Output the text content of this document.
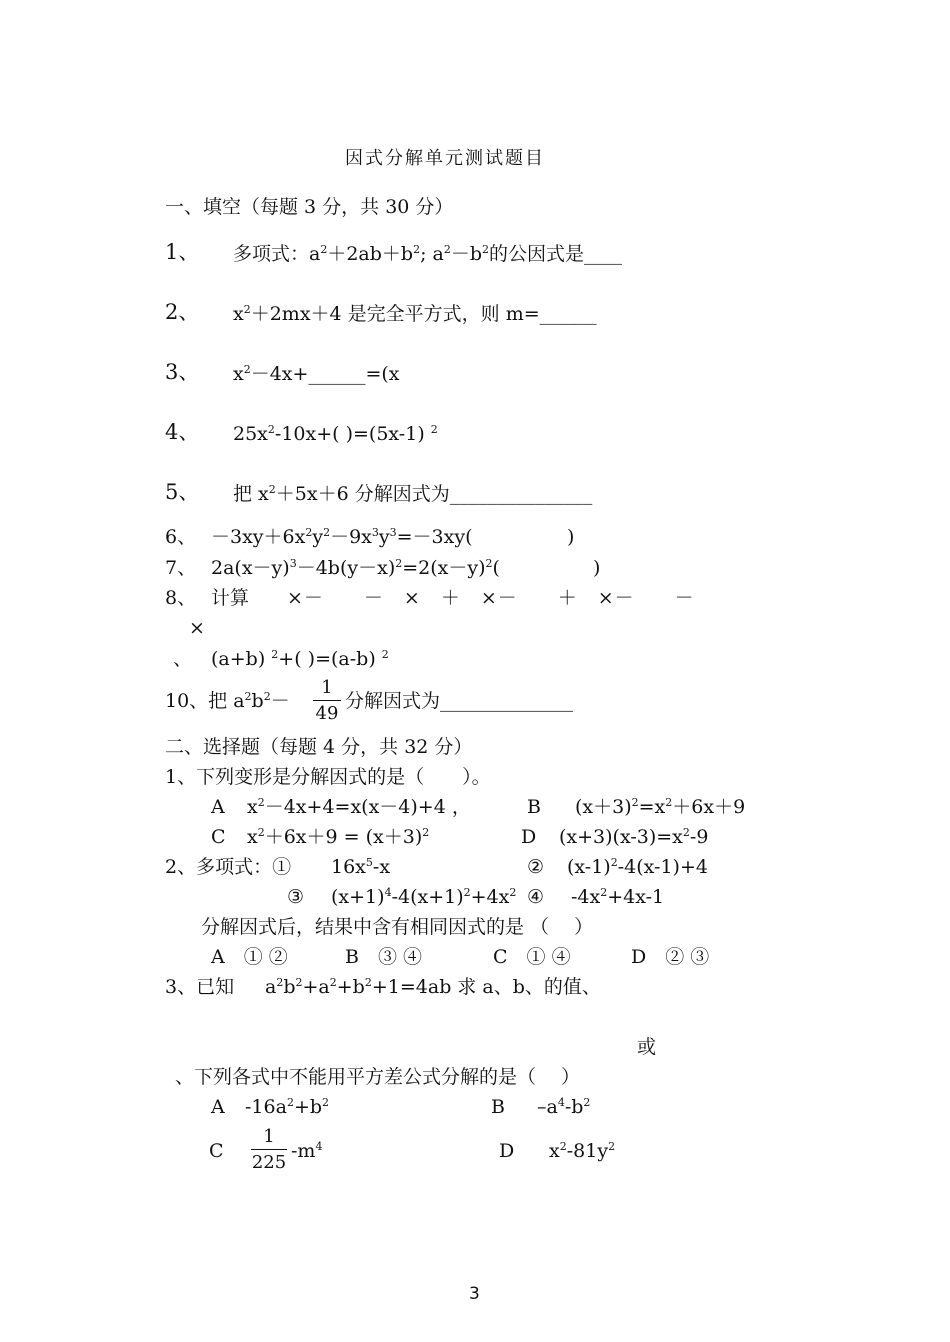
因式分解单元测试题目
一、填空（每题 3 分，共 30 分）
1、 多项式：$a^2+2ab+b^2$; $a^2-b^2$的公因式是____
2、 $x^2+2mx+4$ 是完全平方式，则 m=______
3、 $x^2-4x+\_\_\_\_\_\_=(x$
4、 $25x^2-10x+$( )=(5x-1) $^2$
5、 把 $x^2+5x+6$ 分解因式为_______________
6、 $-3xy+6x^2y^2-9x^3y^3=-3xy$(	)
7、 $2a(x-y)^3-4b(y-x)^2=2(x-y)^2$(	)
8、 计算 ×－　　－　×　＋　×－　　＋　×－　　－
×
、 (a+b) $^2$+( )=(a-b) $^2$
10、把 $a^2b^2-$
1
49
分解因式为______________
二、选择题（每题 4 分，共 32 分）
1、下列变形是分解因式的是（　　）。
A $x^2-4x+4=x(x-4)+4$ ，	B $(x+3)^2=x^2+6x+9$
C $x^2+6x+9 = (x+3)^2$	D $(x+3)(x-3)=x^2-9$
2、多项式：① $16x^5-x$	② $(x-1)^2-4(x-1)+4$
③ $(x+1)^4-4(x+1)^2+4x^2$ ④ $-4x^2+4x-1$
分解因式后，结果中含有相同因式的是 （　 ）
A　① ②	B　③ ④	C　① ④	D　② ③
3、已知 $a^2b^2+a^2+b^2+1=4ab$ 求 a、b、的值、
或
、下列各式中不能用平方差公式分解的是（　 ）
A $-16a^2+b^2$	B $-a^4-b^2$
C
1
225
$-m^4$	D $x^2-81y^2$
3
